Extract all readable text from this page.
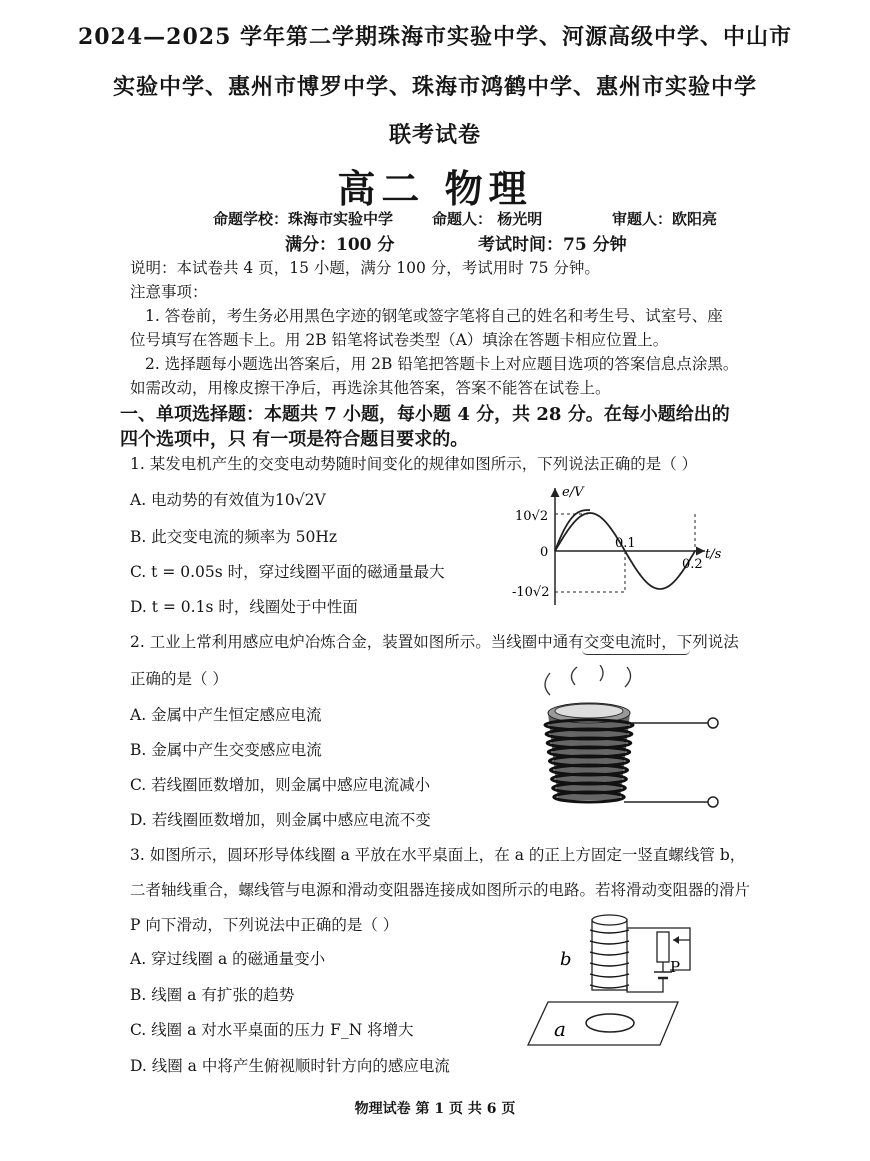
2024—2025 学年第二学期珠海市实验中学、河源高级中学、中山市
实验中学、惠州市博罗中学、珠海市鸿鹤中学、惠州市实验中学
联考试卷
高二 物理
命题学校：珠海市实验中学	命题人： 杨光明	审题人：欧阳亮
满分：100 分	考试时间：75 分钟
说明：本试卷共 4 页，15 小题，满分 100 分，考试用时 75 分钟。
注意事项：
1. 答卷前，考生务必用黑色字迹的钢笔或签字笔将自己的姓名和考生号、试室号、座
位号填写在答题卡上。用 2B 铅笔将试卷类型（A）填涂在答题卡相应位置上。
2. 选择题每小题选出答案后，用 2B 铅笔把答题卡上对应题目选项的答案信息点涂黑。
如需改动，用橡皮擦干净后，再选涂其他答案，答案不能答在试卷上。
一、单项选择题：本题共 7 小题，每小题 4 分，共 28 分。在每小题给出的
四个选项中，只 有一项是符合题目要求的。
1. 某发电机产生的交变电动势随时间变化的规律如图所示，下列说法正确的是（ ）
A. 电动势的有效值为10√2V
B. 此交变电流的频率为 50Hz
C. t = 0.05s 时，穿过线圈平面的磁通量最大
D. t = 0.1s 时，线圈处于中性面
e/V
t/s
10√2
-10√2
0
0.1
0.2
2. 工业上常利用感应电炉冶炼合金，装置如图所示。当线圈中通有交变电流时，下列说法
正确的是（ ）
A. 金属中产生恒定感应电流
B. 金属中产生交变感应电流
C. 若线圈匝数增加，则金属中感应电流减小
D. 若线圈匝数增加，则金属中感应电流不变
3. 如图所示，圆环形导体线圈 a 平放在水平桌面上，在 a 的正上方固定一竖直螺线管 b，
二者轴线重合，螺线管与电源和滑动变阻器连接成如图所示的电路。若将滑动变阻器的滑片
P 向下滑动，下列说法中正确的是（ ）
A. 穿过线圈 a 的磁通量变小
B. 线圈 a 有扩张的趋势
C. 线圈 a 对水平桌面的压力 F_N 将增大
D. 线圈 a 中将产生俯视顺时针方向的感应电流
b
a
P
物理试卷 第 1 页 共 6 页
